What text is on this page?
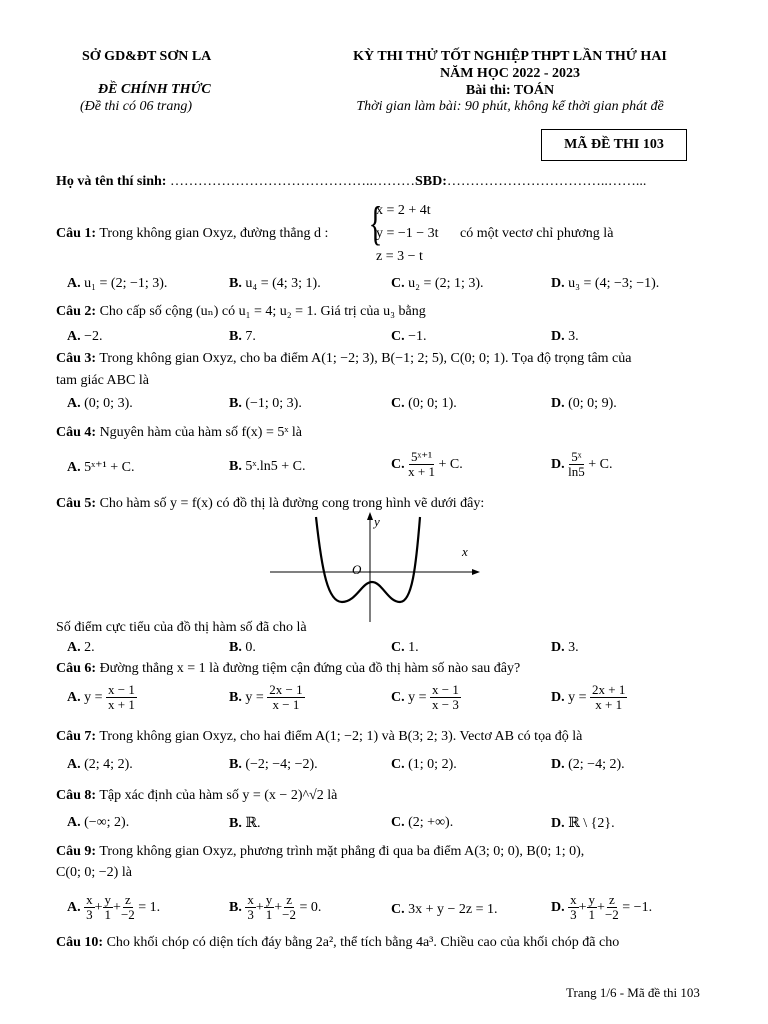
SỞ GD&ĐT SƠN LA
ĐỀ CHÍNH THỨC
(Đề thi có 06 trang)
KỲ THI THỬ TỐT NGHIỆP THPT LẦN THỨ HAI
NĂM HỌC 2022 - 2023
Bài thi: TOÁN
Thời gian làm bài: 90 phút, không kể thời gian phát đề
MÃ ĐỀ THI 103
Họ và tên thí sinh: ……………………………………..………SBD:……………………………..……...
Câu 1: Trong không gian Oxyz, đường thẳng d : {
x = 2 + 4t
y = −1 − 3t
z = 3 − t
có một vectơ chỉ phương là
A. u₁ = (2; −1; 3).	B. u₄ = (4; 3; 1).	C. u₂ = (2; 1; 3).	D. u₃ = (4; −3; −1).
Câu 2: Cho cấp số cộng (uₙ) có u₁ = 4; u₂ = 1. Giá trị của u₃ bằng
A. −2.	B. 7.	C. −1.	D. 3.
Câu 3: Trong không gian Oxyz, cho ba điểm A(1; −2; 3), B(−1; 2; 5), C(0; 0; 1). Tọa độ trọng tâm của
tam giác ABC là
A. (0; 0; 3).	B. (−1; 0; 3).	C. (0; 0; 1).	D. (0; 0; 9).
Câu 4: Nguyên hàm của hàm số f(x) = 5ˣ là
A. 5ˣ⁺¹ + C.	B. 5ˣ.ln5 + C.	C. $\frac{\text{5ˣ⁺¹}}{x + 1} + C$.	D. $\frac{\text{5ˣ}}{\ln 5} + C$.
Câu 5: Cho hàm số y = f(x) có đồ thị là đường cong trong hình vẽ dưới đây:
x
y
O
Số điểm cực tiểu của đồ thị hàm số đã cho là
A. 2.	B. 0.	C. 1.	D. 3.
Câu 6: Đường thẳng x = 1 là đường tiệm cận đứng của đồ thị hàm số nào sau đây?
A. $y = \frac{x - 1}{x + 1}$	B. $y = \frac{2x - 1}{x - 1}$	C. $y = \frac{x - 1}{x - 3}$	D. $y = \frac{2x + 1}{x + 1}$
Câu 7: Trong không gian Oxyz, cho hai điểm A(1; −2; 1) và B(3; 2; 3). Vectơ AB có tọa độ là
A. (2; 4; 2).	B. (−2; −4; −2).	C. (1; 0; 2).	D. (2; −4; 2).
Câu 8: Tập xác định của hàm số y = (x − 2)^√2 là
A. (−∞; 2).	B. ℝ.	C. (2; +∞).	D. ℝ \ {2}.
Câu 9: Trong không gian Oxyz, phương trình mặt phẳng đi qua ba điểm A(3; 0; 0), B(0; 1; 0),
C(0; 0; −2) là
A. $\frac{x}{3} + \frac{y}{1} + \frac{z}{-2} = 1$.	B. $\frac{x}{3} + \frac{y}{1} + \frac{z}{-2} = 0$.	C. 3x + y − 2z = 1.	D. $\frac{x}{3} + \frac{y}{1} + \frac{z}{-2} = -1$.
Câu 10: Cho khối chóp có diện tích đáy bằng 2a², thể tích bằng 4a³. Chiều cao của khối chóp đã cho
Trang 1/6 - Mã đề thi 103
